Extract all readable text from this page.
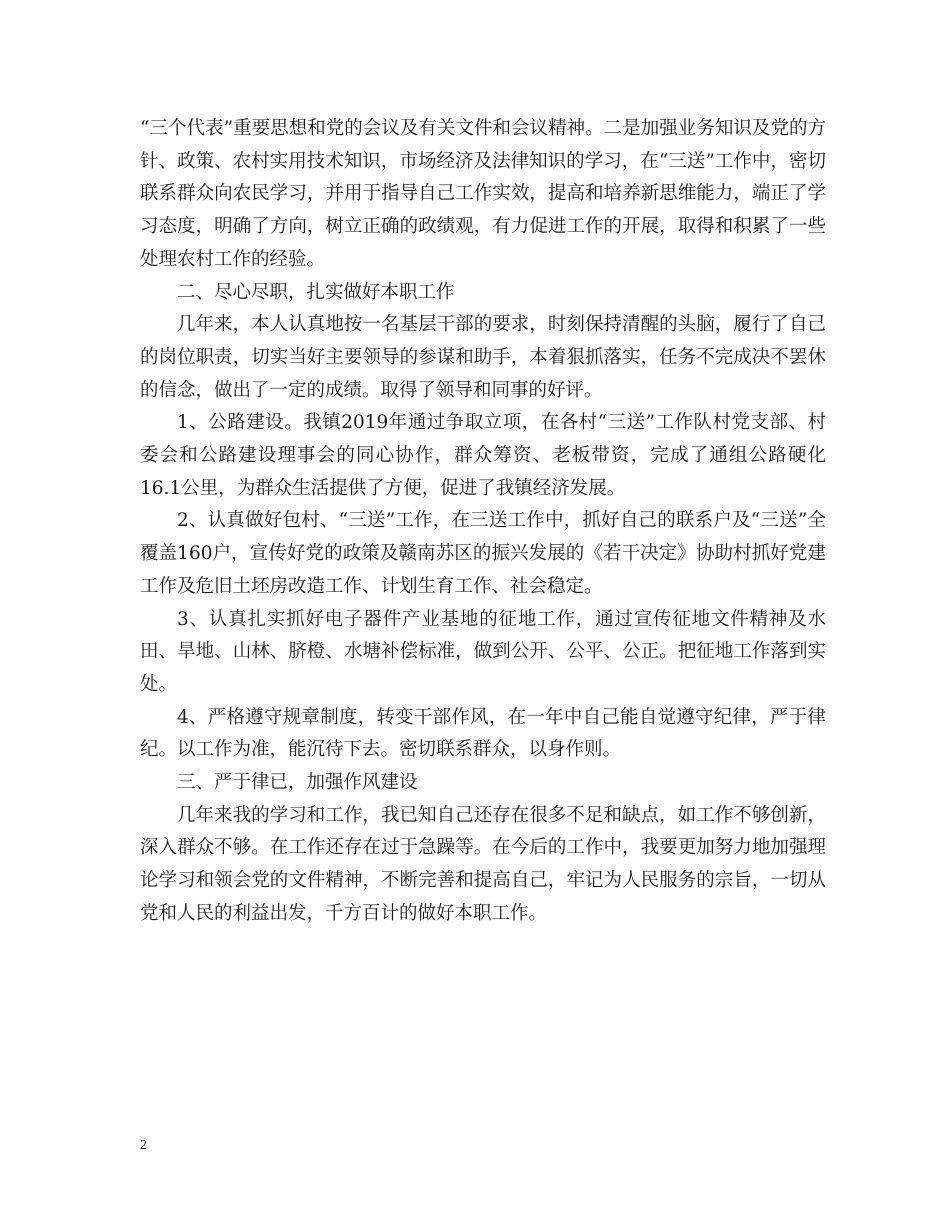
“三个代表”重要思想和党的会议及有关文件和会议精神。二是加强业务知识及党的方针、政策、农村实用技术知识，市场经济及法律知识的学习，在“三送”工作中，密切联系群众向农民学习，并用于指导自己工作实效，提高和培养新思维能力，端正了学习态度，明确了方向，树立正确的政绩观，有力促进工作的开展，取得和积累了一些处理农村工作的经验。

二、尽心尽职，扎实做好本职工作

几年来，本人认真地按一名基层干部的要求，时刻保持清醒的头脑，履行了自己的岗位职责，切实当好主要领导的参谋和助手，本着狠抓落实，任务不完成决不罢休的信念，做出了一定的成绩。取得了领导和同事的好评。

1、公路建设。我镇2019年通过争取立项，在各村“三送”工作队村党支部、村委会和公路建设理事会的同心协作，群众筹资、老板带资，完成了通组公路硬化16.1公里，为群众生活提供了方便，促进了我镇经济发展。

2、认真做好包村、“三送”工作，在三送工作中，抓好自己的联系户及“三送”全覆盖160户，宣传好党的政策及赣南苏区的振兴发展的《若干决定》协助村抓好党建工作及危旧土坯房改造工作、计划生育工作、社会稳定。

3、认真扎实抓好电子器件产业基地的征地工作，通过宣传征地文件精神及水田、旱地、山林、脐橙、水塘补偿标准，做到公开、公平、公正。把征地工作落到实处。

4、严格遵守规章制度，转变干部作风，在一年中自己能自觉遵守纪律，严于律纪。以工作为准，能沉待下去。密切联系群众，以身作则。

三、严于律已，加强作风建设

几年来我的学习和工作，我已知自己还存在很多不足和缺点，如工作不够创新，深入群众不够。在工作还存在过于急躁等。在今后的工作中，我要更加努力地加强理论学习和领会党的文件精神，不断完善和提高自己，牢记为人民服务的宗旨，一切从党和人民的利益出发，千方百计的做好本职工作。

2
